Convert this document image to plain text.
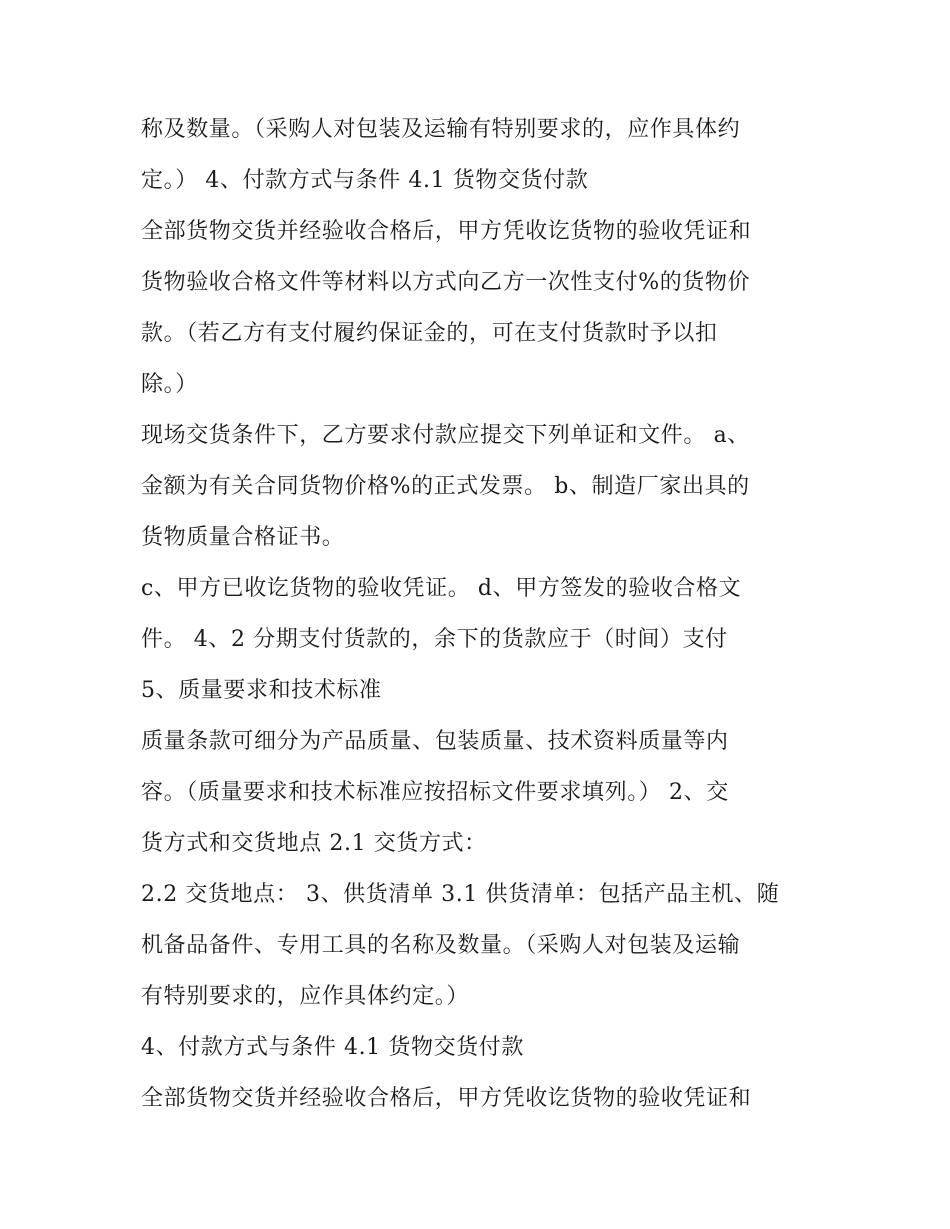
称及数量。（采购人对包装及运输有特别要求的，应作具体约
定。） 4、付款方式与条件 4.1 货物交货付款
全部货物交货并经验收合格后，甲方凭收讫货物的验收凭证和
货物验收合格文件等材料以方式向乙方一次性支付%的货物价
款。（若乙方有支付履约保证金的，可在支付货款时予以扣
除。）
现场交货条件下，乙方要求付款应提交下列单证和文件。 a、
金额为有关合同货物价格%的正式发票。 b、制造厂家出具的
货物质量合格证书。
c、甲方已收讫货物的验收凭证。 d、甲方签发的验收合格文
件。 4、2 分期支付货款的，余下的货款应于（时间）支付
5、质量要求和技术标准
质量条款可细分为产品质量、包装质量、技术资料质量等内
容。（质量要求和技术标准应按招标文件要求填列。） 2、交
货方式和交货地点 2.1 交货方式：
2.2 交货地点： 3、供货清单 3.1 供货清单：包括产品主机、随
机备品备件、专用工具的名称及数量。（采购人对包装及运输
有特别要求的，应作具体约定。）
4、付款方式与条件 4.1 货物交货付款
全部货物交货并经验收合格后，甲方凭收讫货物的验收凭证和
